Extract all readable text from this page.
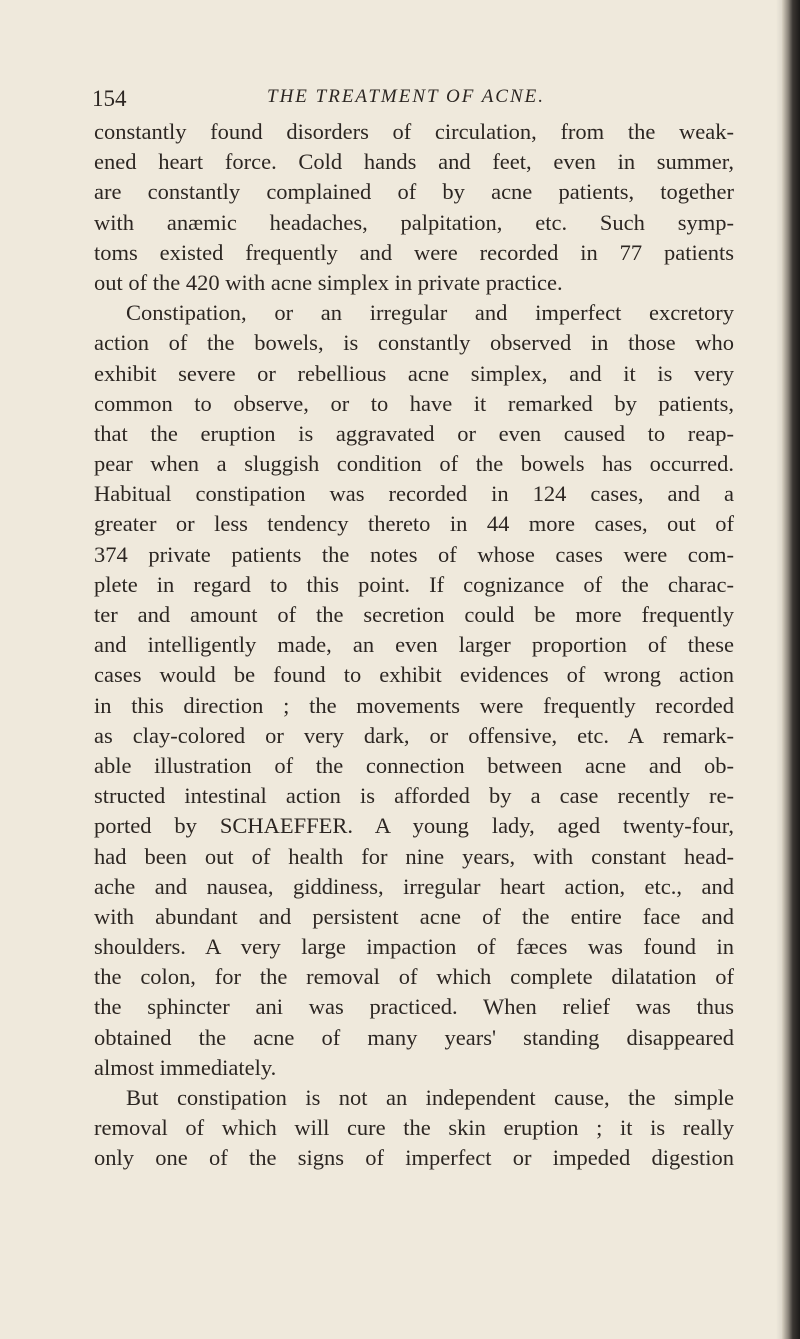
154	THE TREATMENT OF ACNE.
constantly found disorders of circulation, from the weak-
ened heart force. Cold hands and feet, even in summer,
are constantly complained of by acne patients, together
with anæmic headaches, palpitation, etc. Such symp-
toms existed frequently and were recorded in 77 patients
out of the 420 with acne simplex in private practice.
Constipation, or an irregular and imperfect excretory
action of the bowels, is constantly observed in those who
exhibit severe or rebellious acne simplex, and it is very
common to observe, or to have it remarked by patients,
that the eruption is aggravated or even caused to reap-
pear when a sluggish condition of the bowels has occurred.
Habitual constipation was recorded in 124 cases, and a
greater or less tendency thereto in 44 more cases, out of
374 private patients the notes of whose cases were com-
plete in regard to this point. If cognizance of the charac-
ter and amount of the secretion could be more frequently
and intelligently made, an even larger proportion of these
cases would be found to exhibit evidences of wrong action
in this direction ; the movements were frequently recorded
as clay-colored or very dark, or offensive, etc. A remark-
able illustration of the connection between acne and ob-
structed intestinal action is afforded by a case recently re-
ported by SCHAEFFER. A young lady, aged twenty-four,
had been out of health for nine years, with constant head-
ache and nausea, giddiness, irregular heart action, etc., and
with abundant and persistent acne of the entire face and
shoulders. A very large impaction of fæces was found in
the colon, for the removal of which complete dilatation of
the sphincter ani was practiced. When relief was thus
obtained the acne of many years' standing disappeared
almost immediately.
But constipation is not an independent cause, the simple
removal of which will cure the skin eruption ; it is really
only one of the signs of imperfect or impeded digestion
